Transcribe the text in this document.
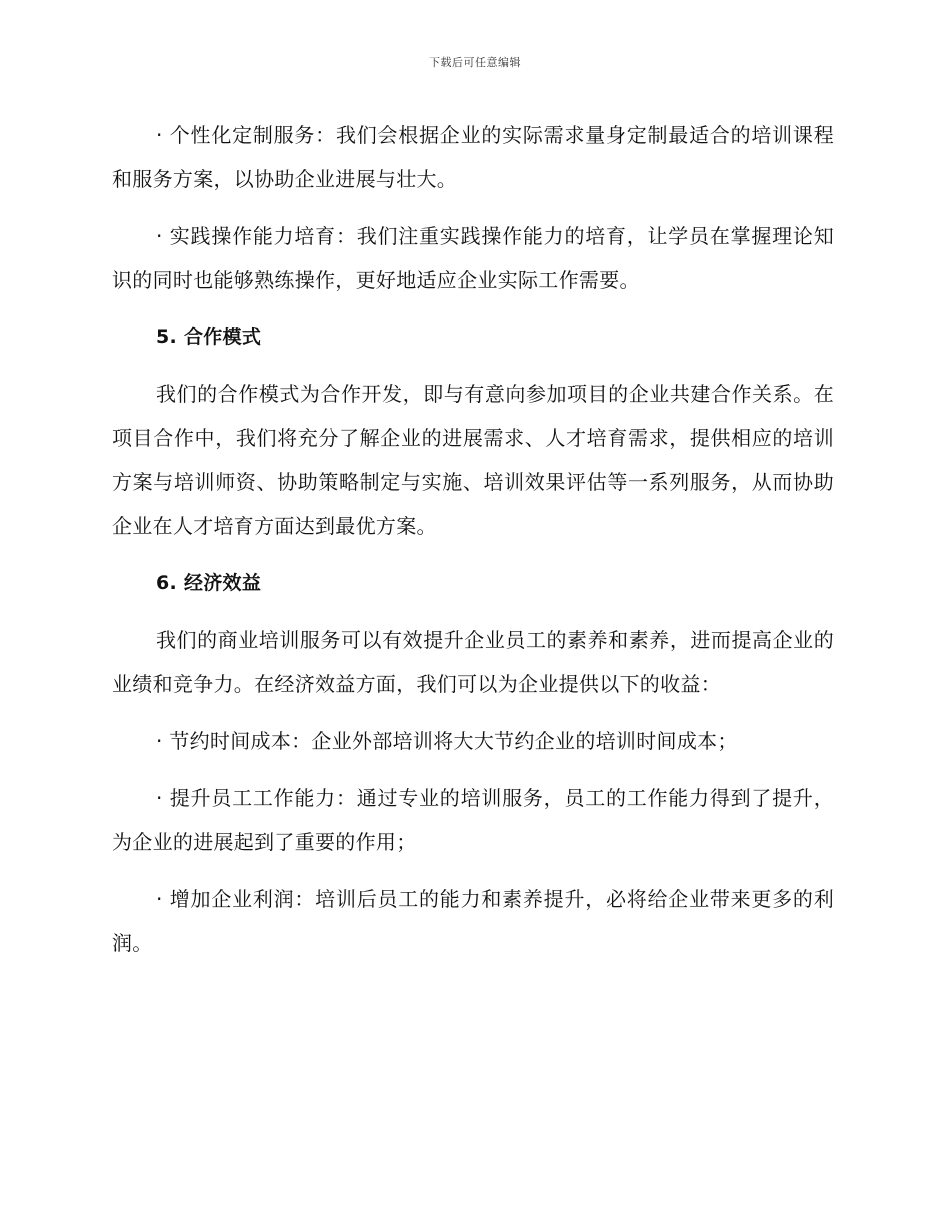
下载后可任意编辑

· 个性化定制服务：我们会根据企业的实际需求量身定制最适合的培训课程和服务方案，以协助企业进展与壮大。

· 实践操作能力培育：我们注重实践操作能力的培育，让学员在掌握理论知识的同时也能够熟练操作，更好地适应企业实际工作需要。

5. 合作模式

我们的合作模式为合作开发，即与有意向参加项目的企业共建合作关系。在项目合作中，我们将充分了解企业的进展需求、人才培育需求，提供相应的培训方案与培训师资、协助策略制定与实施、培训效果评估等一系列服务，从而协助企业在人才培育方面达到最优方案。

6. 经济效益

我们的商业培训服务可以有效提升企业员工的素养和素养，进而提高企业的业绩和竞争力。在经济效益方面，我们可以为企业提供以下的收益：

· 节约时间成本：企业外部培训将大大节约企业的培训时间成本；

· 提升员工工作能力：通过专业的培训服务，员工的工作能力得到了提升，为企业的进展起到了重要的作用；

· 增加企业利润：培训后员工的能力和素养提升，必将给企业带来更多的利润。
